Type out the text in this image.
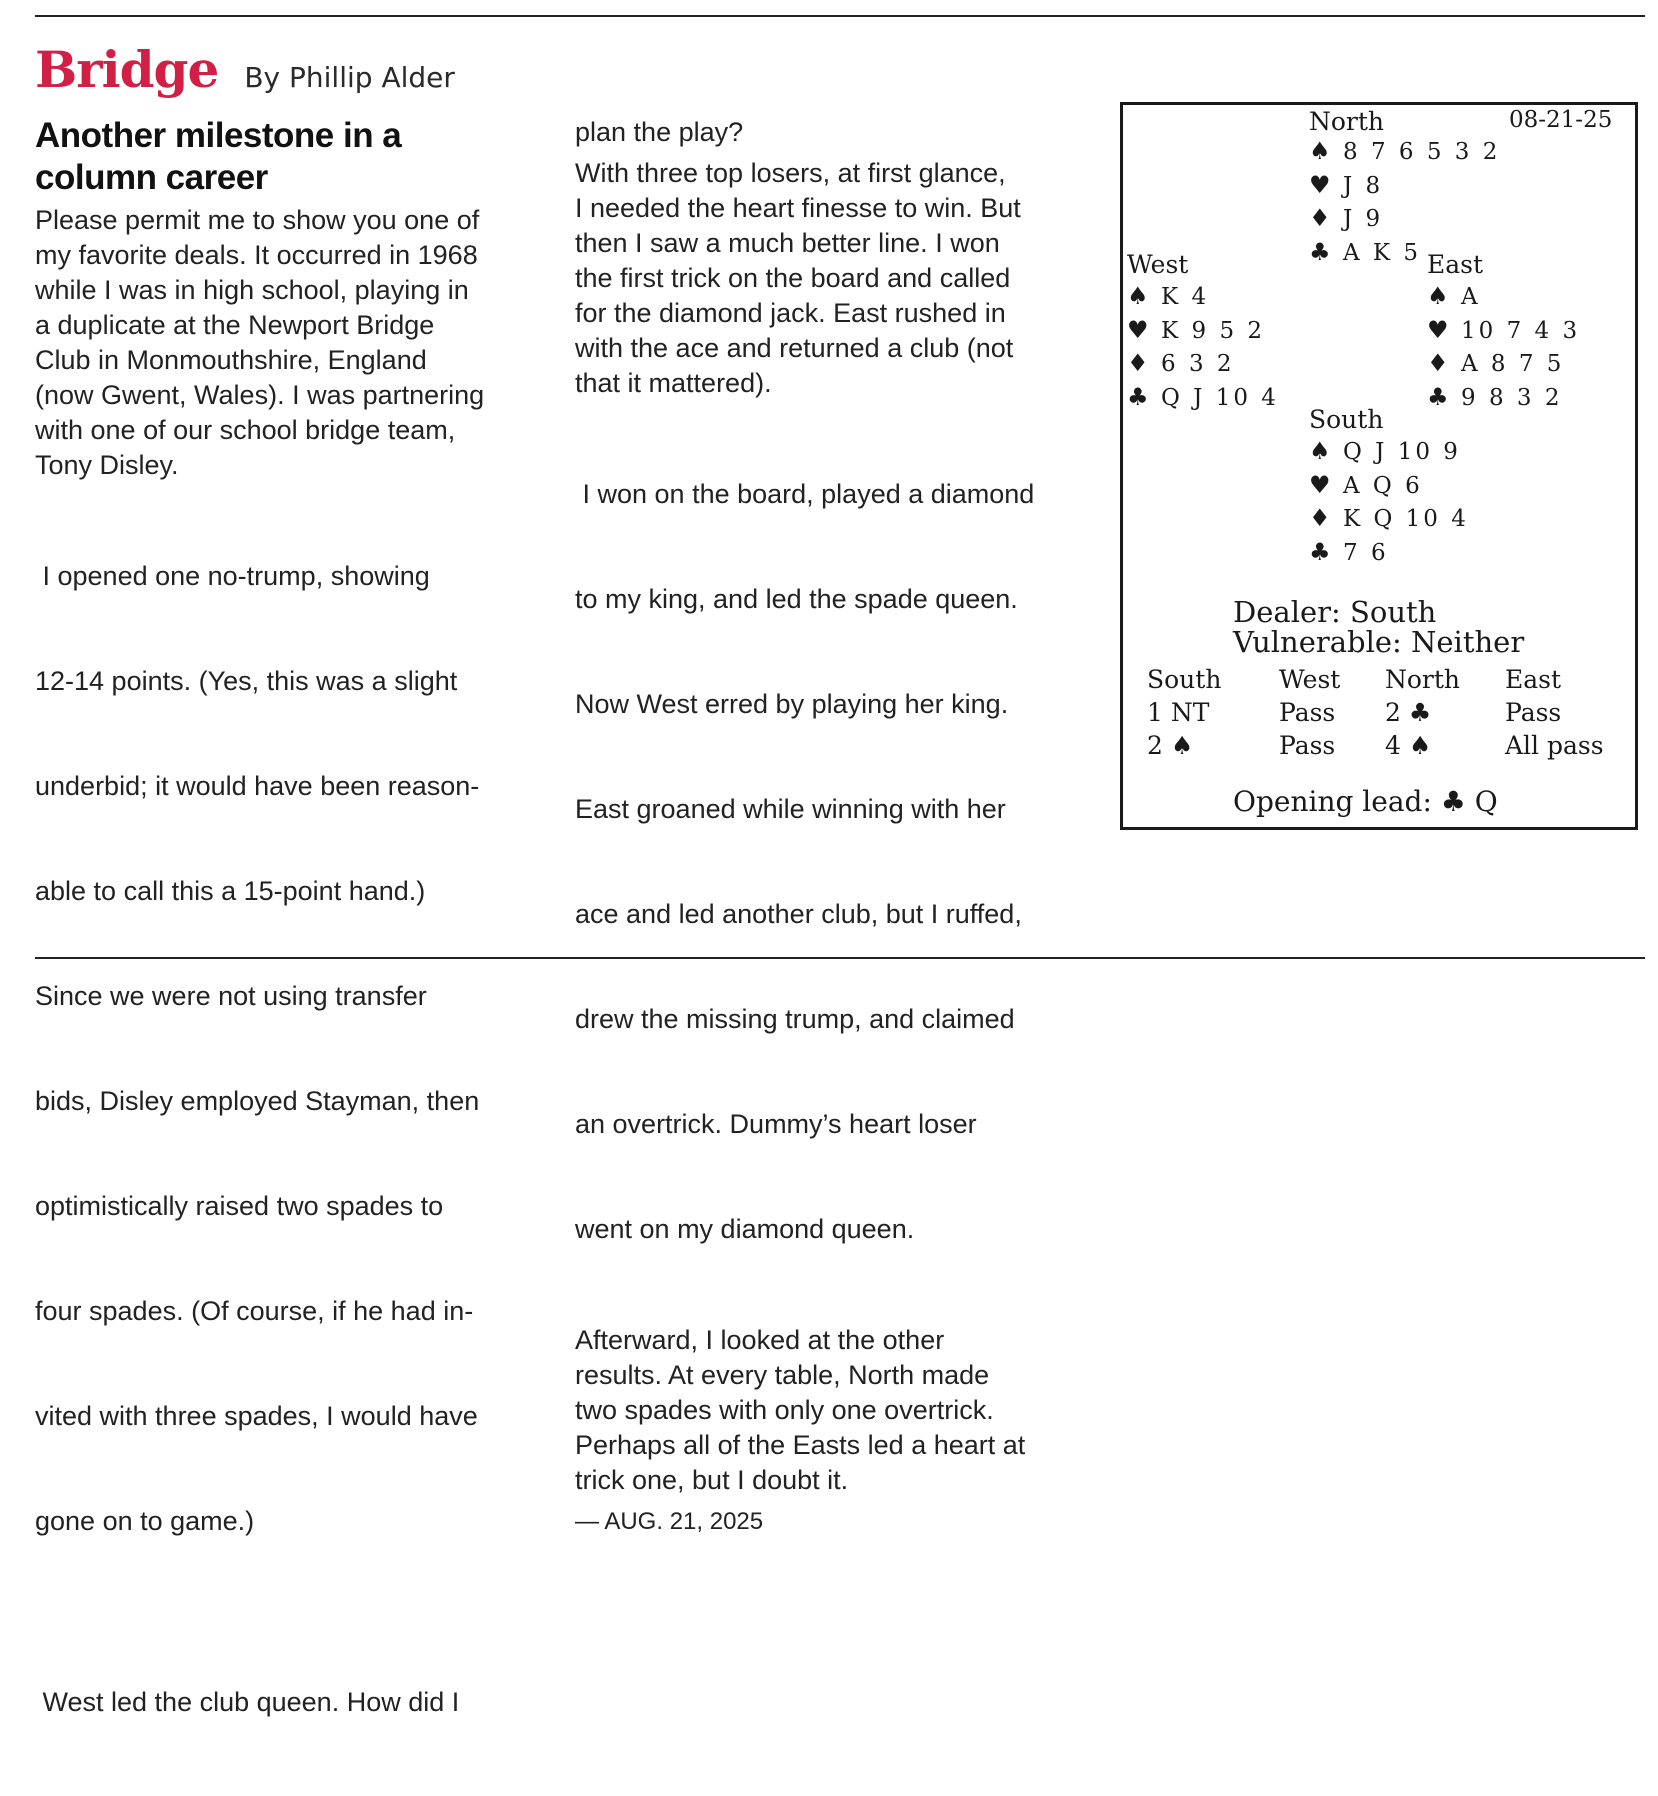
Bridge By Phillip Alder
Another milestone in a
column career
Please permit me to show you one of
my favorite deals. It occurred in 1968
while I was in high school, playing in
a duplicate at the Newport Bridge
Club in Monmouthshire, England
(now Gwent, Wales). I was partnering
with one of our school bridge team,
Tony Disley.

I opened one no-trump, showing

12-14 points. (Yes, this was a slight

underbid; it would have been reason-

able to call this a 15-point hand.)

Since we were not using transfer

bids, Disley employed Stayman, then

optimistically raised two spades to

four spades. (Of course, if he had in-

vited with three spades, I would have

gone on to game.)

West led the club queen. How did I

plan the play?
With three top losers, at first glance,
I needed the heart finesse to win. But
then I saw a much better line. I won
the first trick on the board and called
for the diamond jack. East rushed in
with the ace and returned a club (not
that it mattered).

I won on the board, played a diamond

to my king, and led the spade queen.

Now West erred by playing her king.

East groaned while winning with her

ace and led another club, but I ruffed,

drew the missing trump, and claimed

an overtrick. Dummy’s heart loser

went on my diamond queen.

Afterward, I looked at the other
results. At every table, North made
two spades with only one overtrick.
Perhaps all of the Easts led a heart at
trick one, but I doubt it.
— AUG. 21, 2025
North	08-21-25
♠ 8 7 6 5 3 2
♥ J 8
♦ J 9
♣ A K 5
West
♠ K 4
♥ K 9 5 2
♦ 6 3 2
♣ Q J 10 4
East
♠ A
♥ 10 7 4 3
♦ A 8 7 5
♣ 9 8 3 2
South
♠ Q J 10 9
♥ A Q 6
♦ K Q 10 4
♣ 7 6
Dealer: South
Vulnerable: Neither
South West North East
1 NT	Pass 2 ♣	Pass
2 ♠	Pass 4 ♠	All pass
Opening lead: ♣ Q
